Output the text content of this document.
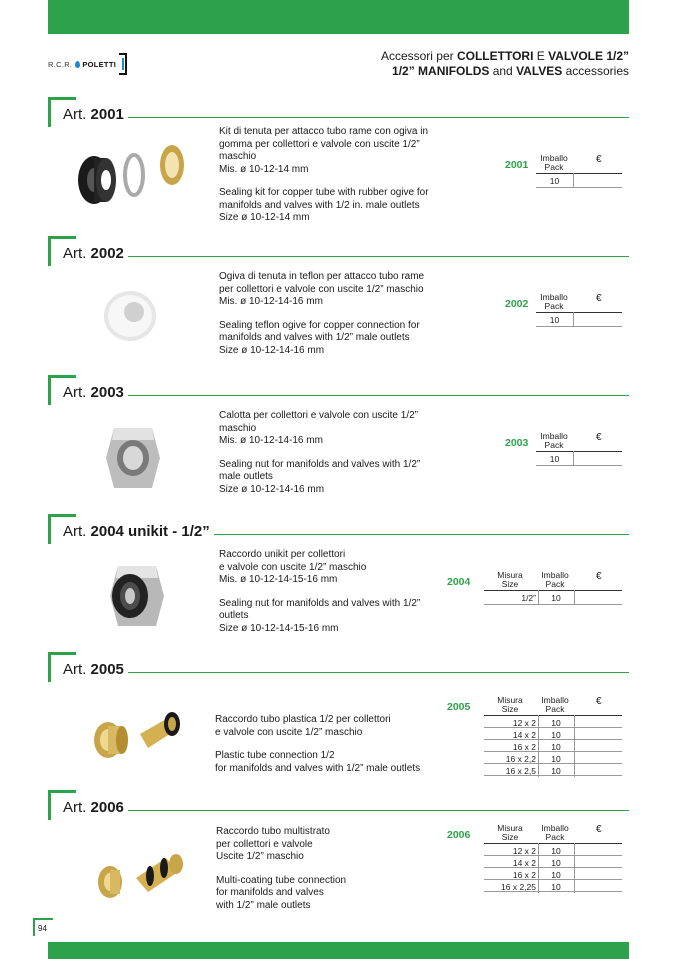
R.C.R. POLETTI
Accessori per COLLETTORI E VALVOLE 1/2”
1/2” MANIFOLDS and VALVES accessories
Art. 2001

Kit di tenuta per attacco tubo rame con ogiva in

gomma per collettori e valvole con uscite 1/2”

maschio

Mis. ø 10-12-14 mm

Sealing kit for copper tube with rubber ogive for

manifolds and valves with 1/2 in. male outlets

Size ø 10-12-14 mm

2001
Imballo
Pack
€
10
Art. 2002

Ogiva di tenuta in teflon per attacco tubo rame

per collettori e valvole con uscite 1/2” maschio

Mis. ø 10-12-14-16 mm

Sealing teflon ogive for copper connection for

manifolds and valves with 1/2” male outlets

Size ø 10-12-14-16 mm

2002
Imballo
Pack
€
10
Art. 2003

Calotta per collettori e valvole con uscite 1/2”

maschio

Mis. ø 10-12-14-16 mm

Sealing nut for manifolds and valves with 1/2”

male outlets

Size ø 10-12-14-16 mm

2003
Imballo
Pack
€
10
Art. 2004 unikit - 1/2”

Raccordo unikit per collettori

e valvole con uscite 1/2” maschio

Mis. ø 10-12-14-15-16 mm

Sealing nut for manifolds and valves with 1/2”

outlets

Size ø 10-12-14-15-16 mm

2004
Misura
Size
Imballo
Pack
€
1/2”	10
Art. 2005

Raccordo tubo plastica 1/2 per collettori

e valvole con uscite 1/2” maschio

Plastic tube connection 1/2

for manifolds and valves with 1/2” male outlets

2005
Misura
Size
Imballo
Pack
€
12 x 2	10
14 x 2	10
16 x 2	10
16 x 2,2	10
16 x 2,5	10
Art. 2006

Raccordo tubo multistrato

per collettori e valvole

Uscite 1/2” maschio

Multi-coating tube connection

for manifolds and valves

with 1/2” male outlets

2006
Misura
Size
Imballo
Pack
€
12 x 2	10
14 x 2	10
16 x 2	10
16 x 2,25	10
94
